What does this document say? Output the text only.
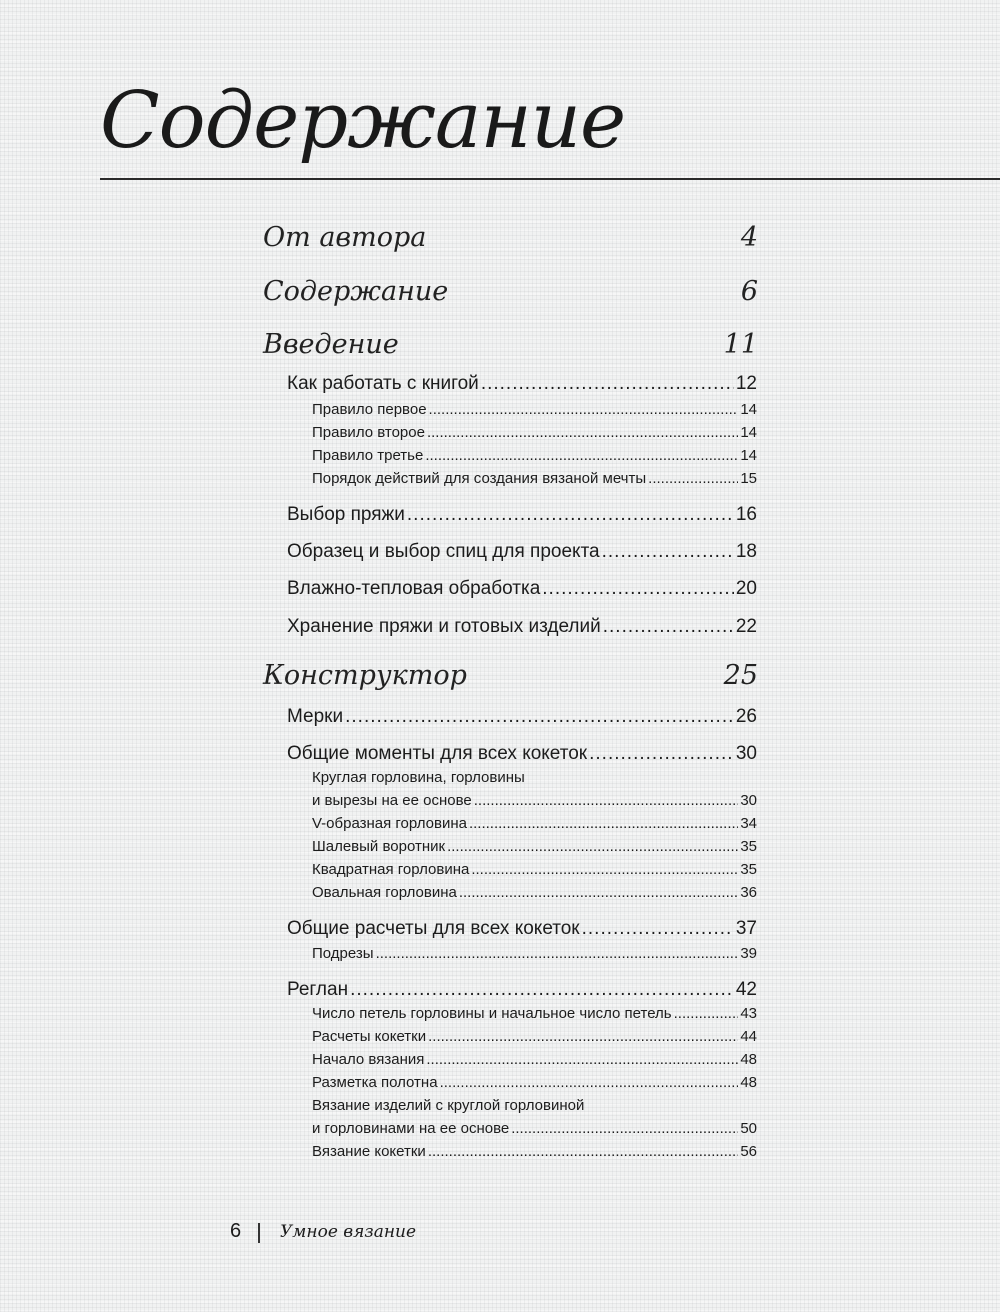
Содержание
От автора	4
Содержание	6
Введение	11
Как работать с книгой .....	12
Правило первое .....	14
Правило второе .....	14
Правило третье .....	14
Порядок действий для создания вязаной мечты .....	15
Выбор пряжи .....	16
Образец и выбор спиц для проекта .....	18
Влажно-тепловая обработка .....	20
Хранение пряжи и готовых изделий .....	22
Конструктор	25
Мерки .....	26
Общие моменты для всех кокеток .....	30
Круглая горловина, горловины
и вырезы на ее основе .....	30
V-образная горловина .....	34
Шалевый воротник .....	35
Квадратная горловина .....	35
Овальная горловина .....	36
Общие расчеты для всех кокеток .....	37
Подрезы .....	39
Реглан .....	42
Число петель горловины и начальное число петель .....	43
Расчеты кокетки .....	44
Начало вязания .....	48
Разметка полотна .....	48
Вязание изделий с круглой горловиной
и горловинами на ее основе .....	50
Вязание кокетки .....	56
6 Умное вязание
